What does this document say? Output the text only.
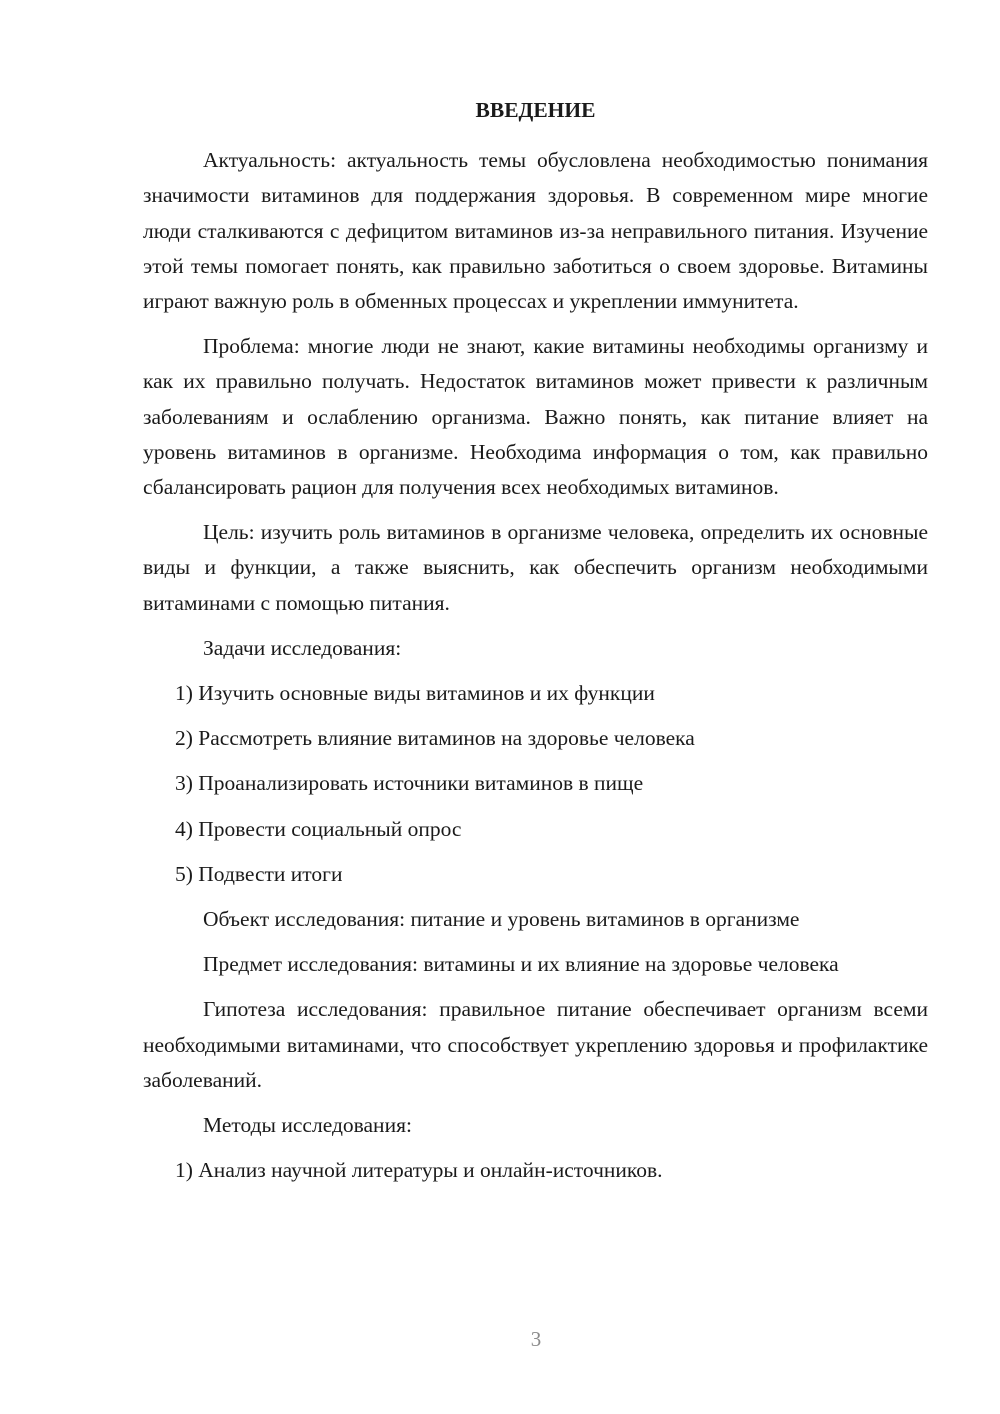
ВВЕДЕНИЕ

Актуальность: актуальность темы обусловлена необходимостью понимания значимости витаминов для поддержания здоровья. В современном мире многие люди сталкиваются с дефицитом витаминов из-за неправильного питания. Изучение этой темы помогает понять, как правильно заботиться о своем здоровье. Витамины играют важную роль в обменных процессах и укреплении иммунитета.

Проблема: многие люди не знают, какие витамины необходимы организму и как их правильно получать. Недостаток витаминов может привести к различным заболеваниям и ослаблению организма. Важно понять, как питание влияет на уровень витаминов в организме. Необходима информация о том, как правильно сбалансировать рацион для получения всех необходимых витаминов.

Цель: изучить роль витаминов в организме человека, определить их основные виды и функции, а также выяснить, как обеспечить организм необходимыми витаминами с помощью питания.

Задачи исследования:
1) Изучить основные виды витаминов и их функции
2) Рассмотреть влияние витаминов на здоровье человека
3) Проанализировать источники витаминов в пище
4) Провести социальный опрос
5) Подвести итоги
Объект исследования: питание и уровень витаминов в организме

Предмет исследования: витамины и их влияние на здоровье человека

Гипотеза исследования: правильное питание обеспечивает организм всеми необходимыми витаминами, что способствует укреплению здоровья и профилактике заболеваний.

Методы исследования:
1) Анализ научной литературы и онлайн-источников.
3
